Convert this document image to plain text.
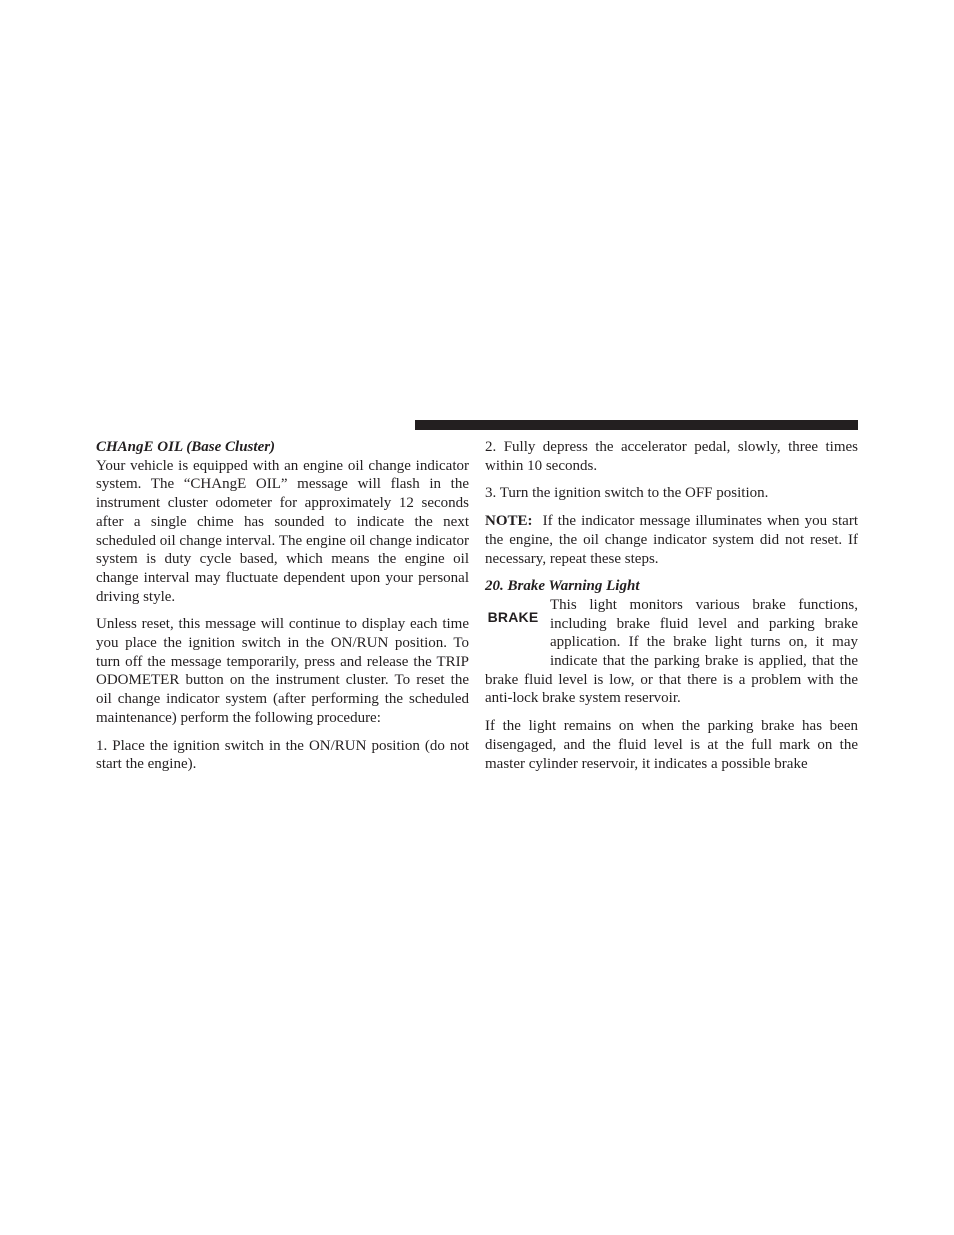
CHAngE OIL (Base Cluster)

Your vehicle is equipped with an engine oil change indicator system. The “CHAngE OIL” message will flash in the instrument cluster odometer for approximately 12 seconds after a single chime has sounded to indicate the next scheduled oil change interval. The engine oil change indicator system is duty cycle based, which means the engine oil change interval may fluctuate dependent upon your personal driving style.

Unless reset, this message will continue to display each time you place the ignition switch in the ON/RUN position. To turn off the message temporarily, press and release the TRIP ODOMETER button on the instrument cluster. To reset the oil change indicator system (after performing the scheduled maintenance) perform the following procedure:

1. Place the ignition switch in the ON/RUN position (do not start the engine).

2. Fully depress the accelerator pedal, slowly, three times within 10 seconds.

3. Turn the ignition switch to the OFF position.

NOTE: If the indicator message illuminates when you start the engine, the oil change indicator system did not reset. If necessary, repeat these steps.

20. Brake Warning Light

BRAKE
This light monitors various brake functions, including brake fluid level and parking brake application. If the brake light turns on, it may indicate that the parking brake is applied, that the brake fluid level is low, or that there is a problem with the anti-lock brake system reservoir.

If the light remains on when the parking brake has been disengaged, and the fluid level is at the full mark on the master cylinder reservoir, it indicates a possible brake
